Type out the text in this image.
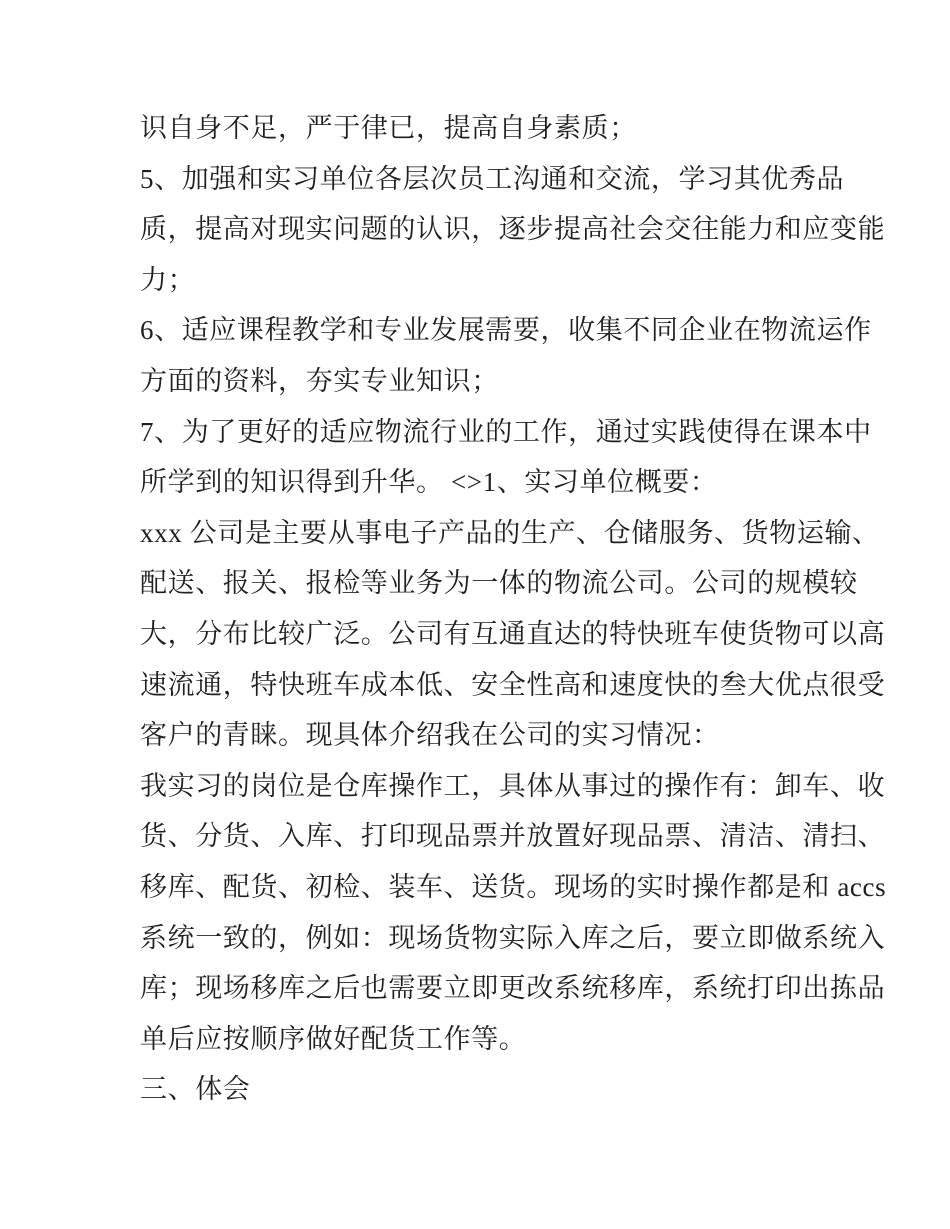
识自身不足，严于律已，提高自身素质；
5、加强和实习单位各层次员工沟通和交流，学习其优秀品
质，提高对现实问题的认识，逐步提高社会交往能力和应变能
力；
6、适应课程教学和专业发展需要，收集不同企业在物流运作
方面的资料，夯实专业知识；
7、为了更好的适应物流行业的工作，通过实践使得在课本中
所学到的知识得到升华。 <>1、实习单位概要：
xxx 公司是主要从事电子产品的生产、仓储服务、货物运输、
配送、报关、报检等业务为一体的物流公司。公司的规模较
大，分布比较广泛。公司有互通直达的特快班车使货物可以高
速流通，特快班车成本低、安全性高和速度快的叁大优点很受
客户的青睐。现具体介绍我在公司的实习情况：
我实习的岗位是仓库操作工，具体从事过的操作有：卸车、收
货、分货、入库、打印现品票并放置好现品票、清洁、清扫、
移库、配货、初检、装车、送货。现场的实时操作都是和 accs
系统一致的，例如：现场货物实际入库之后，要立即做系统入
库；现场移库之后也需要立即更改系统移库，系统打印出拣品
单后应按顺序做好配货工作等。
三、体会
